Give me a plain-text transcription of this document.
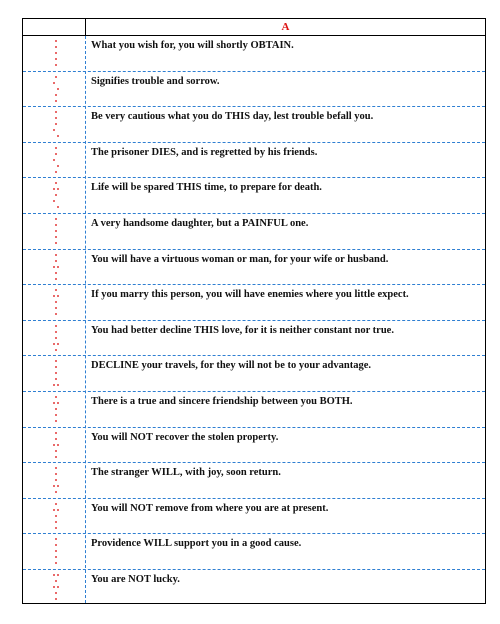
A
What you wish for, you will shortly OBTAIN.
Signifies trouble and sorrow.
Be very cautious what you do THIS day, lest trouble befall you.
The prisoner DIES, and is regretted by his friends.
Life will be spared THIS time, to prepare for death.
A very handsome daughter, but a PAINFUL one.
You will have a virtuous woman or man, for your wife or husband.
If you marry this person, you will have enemies where you little expect.
You had better decline THIS love, for it is neither constant nor true.
DECLINE your travels, for they will not be to your advantage.
There is a true and sincere friendship between you BOTH.
You will NOT recover the stolen property.
The stranger WILL, with joy, soon return.
You will NOT remove from where you are at present.
Providence WILL support you in a good cause.
You are NOT lucky.
